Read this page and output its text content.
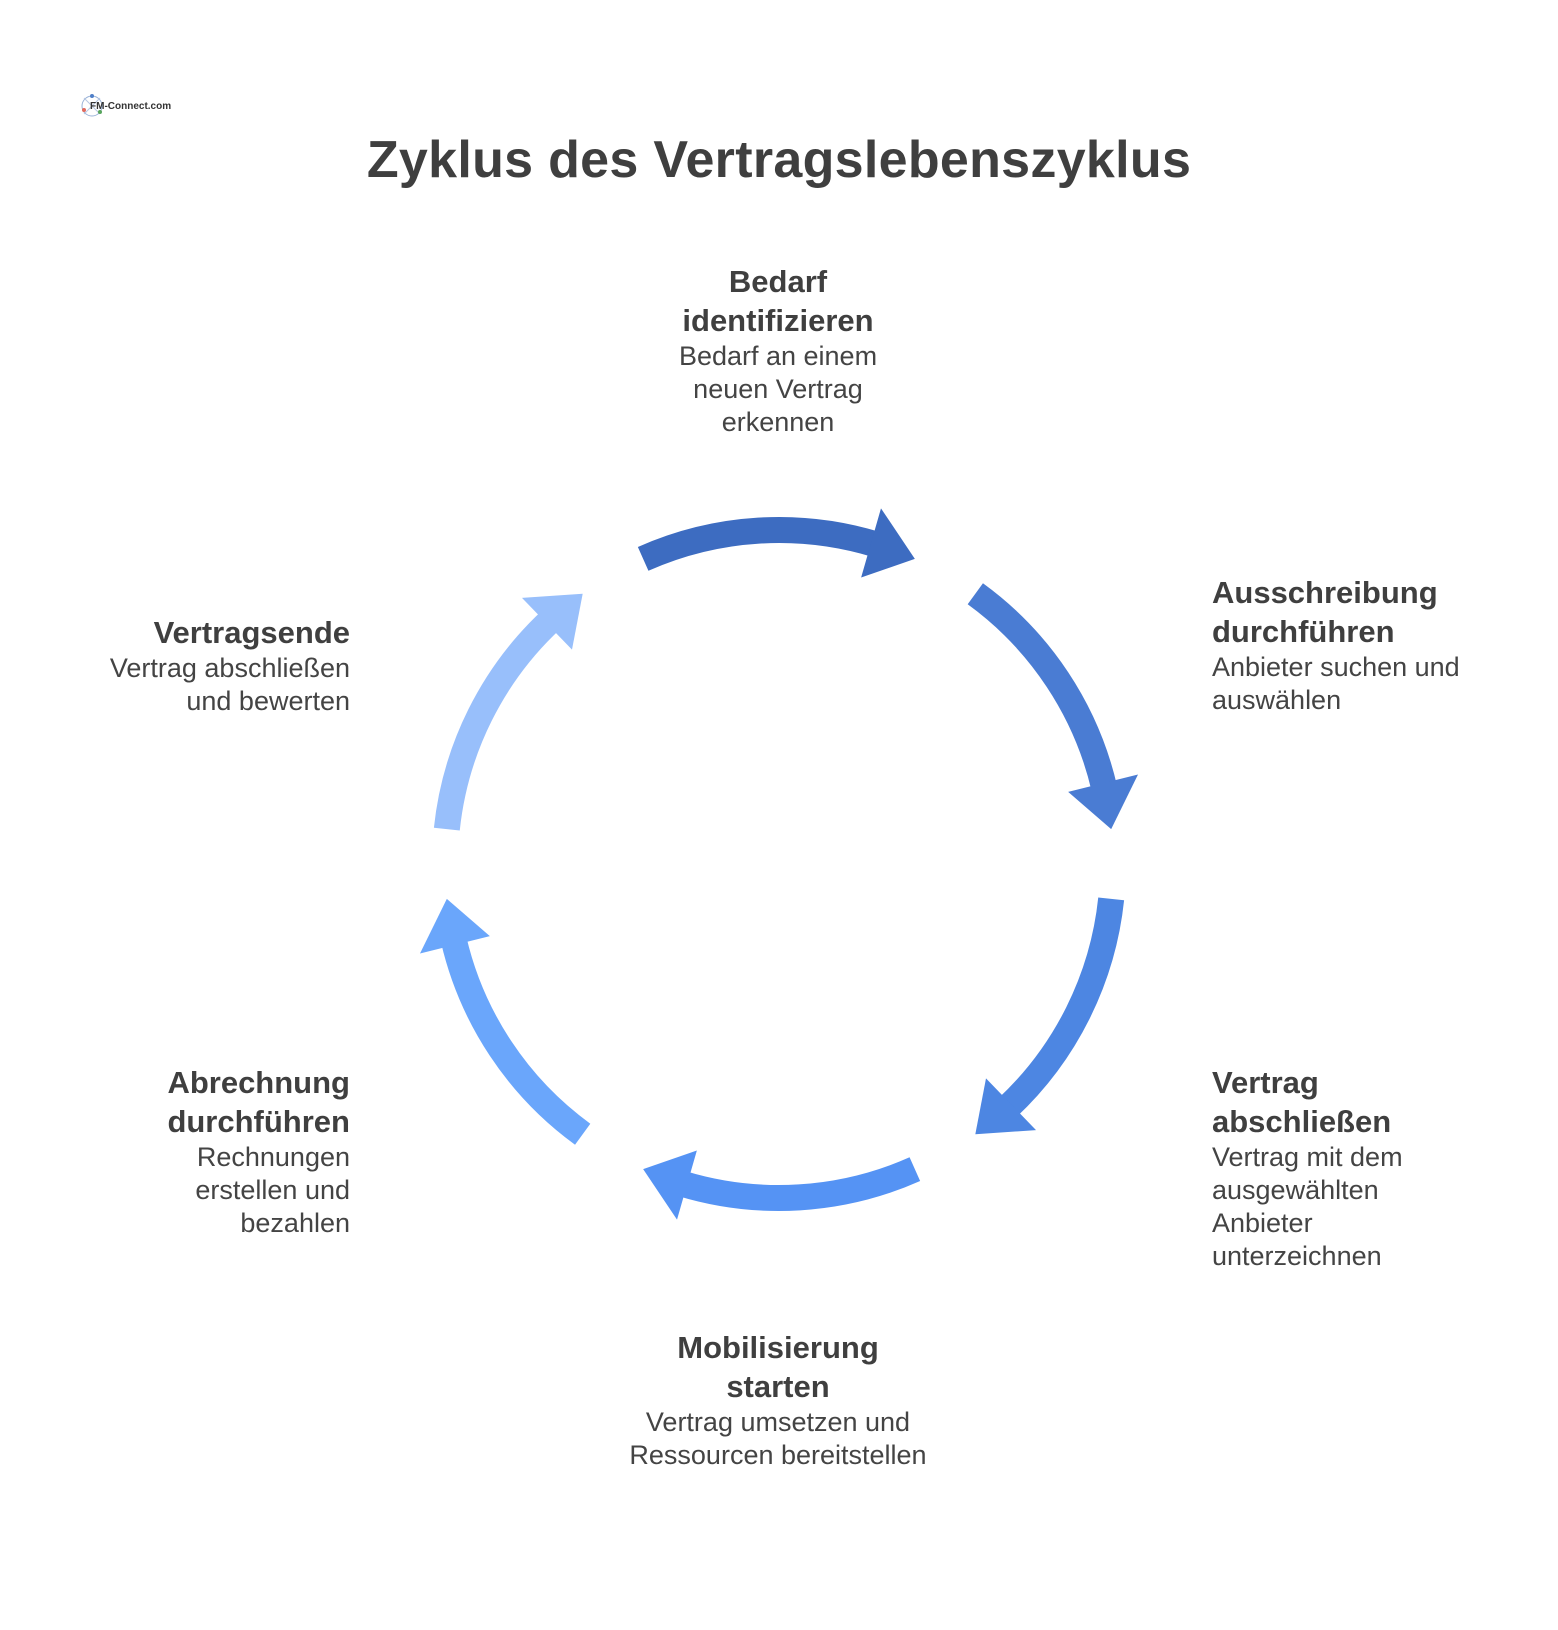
FM-Connect.com
Zyklus des Vertragslebenszyklus
Bedarf identifizieren
Bedarf an einem neuen Vertrag erkennen
Ausschreibung durchführen
Anbieter suchen und auswählen
Vertrag abschließen
Vertrag mit dem ausgewählten Anbieter unterzeichnen
Mobilisierung starten
Vertrag umsetzen und Ressourcen bereitstellen
Abrechnung durchführen
Rechnungen erstellen und bezahlen
Vertragsende
Vertrag abschließen und bewerten
